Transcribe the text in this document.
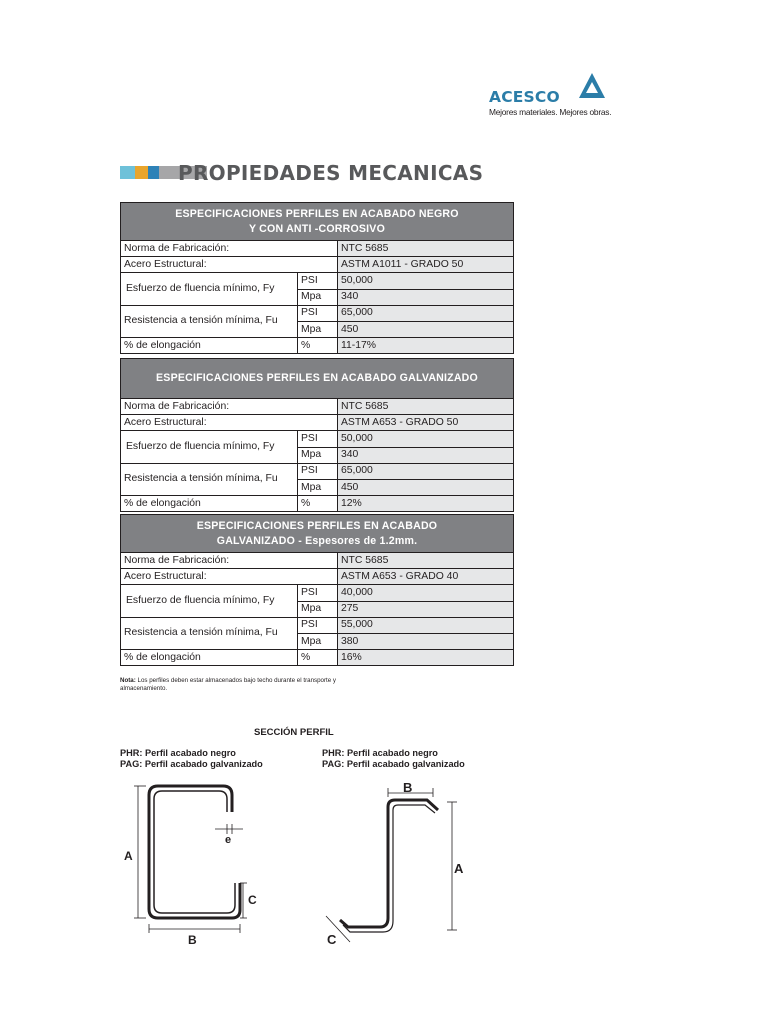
ACESCO
Mejores materiales. Mejores obras.
PROPIEDADES MECANICAS
ESPECIFICACIONES PERFILES EN ACABADO NEGRO
Y CON ANTI -CORROSIVO		

Norma de Fabricación:		NTC 5685
Acero Estructural:		ASTM A1011 - GRADO 50
Esfuerzo de fluencia mínimo, Fy	PSI	50,000
	Mpa	340
Resistencia a tensión mínima, Fu	PSI	65,000
	Mpa	450
% de elongación	%	11-17%
ESPECIFICACIONES PERFILES EN ACABADO GALVANIZADO		

Norma de Fabricación:		NTC 5685
Acero Estructural:		ASTM A653 - GRADO 50
Esfuerzo de fluencia mínimo, Fy	PSI	50,000
	Mpa	340
Resistencia a tensión mínima, Fu	PSI	65,000
	Mpa	450
% de elongación	%	12%
ESPECIFICACIONES PERFILES EN ACABADO
GALVANIZADO - Espesores de 1.2mm.		

Norma de Fabricación:		NTC 5685
Acero Estructural:		ASTM A653 - GRADO 40
Esfuerzo de fluencia mínimo, Fy	PSI	40,000
	Mpa	275
Resistencia a tensión mínima, Fu	PSI	55,000
	Mpa	380
% de elongación	%	16%
Nota: Los perfiles deben estar almacenados bajo techo durante el transporte y almacenamiento.
SECCIÓN PERFIL
PHR: Perfil acabado negro
PAG: Perfil acabado galvanizado
PHR: Perfil acabado negro
PAG: Perfil acabado galvanizado
A
B
C
e
B
A
C
